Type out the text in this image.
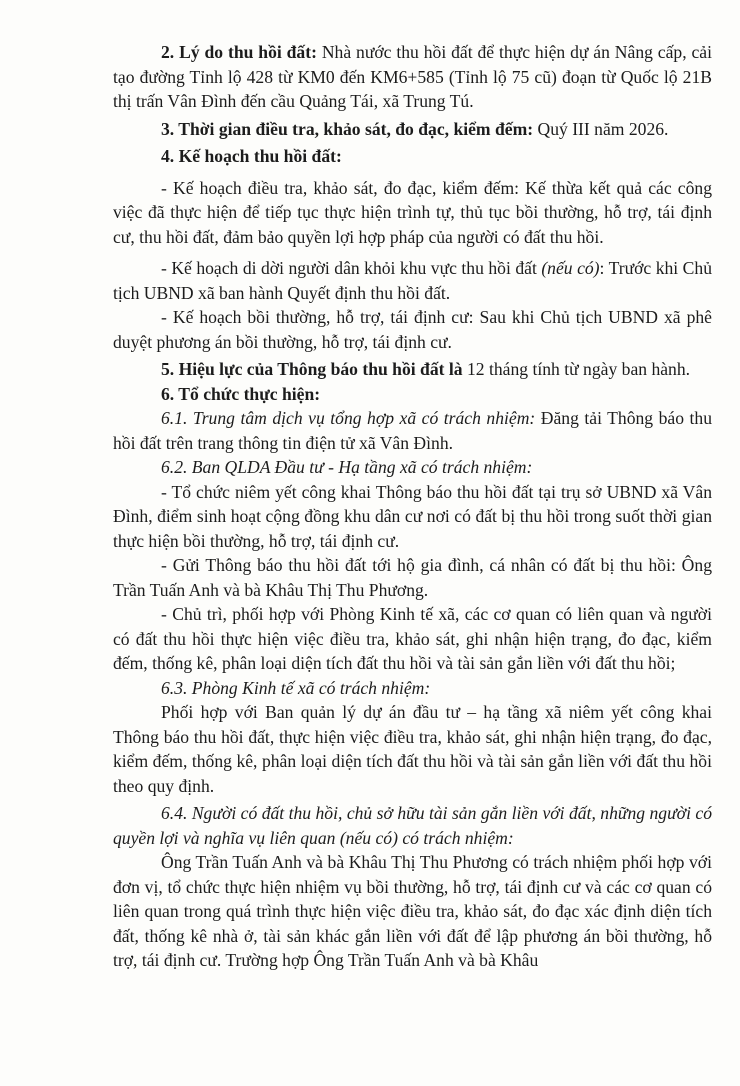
2. Lý do thu hồi đất: Nhà nước thu hồi đất để thực hiện dự án Nâng cấp, cải tạo đường Tỉnh lộ 428 từ KM0 đến KM6+585 (Tỉnh lộ 75 cũ) đoạn từ Quốc lộ 21B thị trấn Vân Đình đến cầu Quảng Tái, xã Trung Tú.

3. Thời gian điều tra, khảo sát, đo đạc, kiểm đếm: Quý III năm 2026.

4. Kế hoạch thu hồi đất:

- Kế hoạch điều tra, khảo sát, đo đạc, kiểm đếm: Kế thừa kết quả các công việc đã thực hiện để tiếp tục thực hiện trình tự, thủ tục bồi thường, hỗ trợ, tái định cư, thu hồi đất, đảm bảo quyền lợi hợp pháp của người có đất thu hồi.

- Kế hoạch di dời người dân khỏi khu vực thu hồi đất (nếu có): Trước khi Chủ tịch UBND xã ban hành Quyết định thu hồi đất.

- Kế hoạch bồi thường, hỗ trợ, tái định cư: Sau khi Chủ tịch UBND xã phê duyệt phương án bồi thường, hỗ trợ, tái định cư.

5. Hiệu lực của Thông báo thu hồi đất là 12 tháng tính từ ngày ban hành.

6. Tổ chức thực hiện:

6.1. Trung tâm dịch vụ tổng hợp xã có trách nhiệm: Đăng tải Thông báo thu hồi đất trên trang thông tin điện tử xã Vân Đình.

6.2. Ban QLDA Đầu tư - Hạ tầng xã có trách nhiệm:

- Tổ chức niêm yết công khai Thông báo thu hồi đất tại trụ sở UBND xã Vân Đình, điểm sinh hoạt cộng đồng khu dân cư nơi có đất bị thu hồi trong suốt thời gian thực hiện bồi thường, hỗ trợ, tái định cư.

- Gửi Thông báo thu hồi đất tới hộ gia đình, cá nhân có đất bị thu hồi: Ông Trần Tuấn Anh và bà Khâu Thị Thu Phương.

- Chủ trì, phối hợp với Phòng Kinh tế xã, các cơ quan có liên quan và người có đất thu hồi thực hiện việc điều tra, khảo sát, ghi nhận hiện trạng, đo đạc, kiểm đếm, thống kê, phân loại diện tích đất thu hồi và tài sản gắn liền với đất thu hồi;

6.3. Phòng Kinh tế xã có trách nhiệm:

Phối hợp với Ban quản lý dự án đầu tư – hạ tầng xã niêm yết công khai Thông báo thu hồi đất, thực hiện việc điều tra, khảo sát, ghi nhận hiện trạng, đo đạc, kiểm đếm, thống kê, phân loại diện tích đất thu hồi và tài sản gắn liền với đất thu hồi theo quy định.

6.4. Người có đất thu hồi, chủ sở hữu tài sản gắn liền với đất, những người có quyền lợi và nghĩa vụ liên quan (nếu có) có trách nhiệm:

Ông Trần Tuấn Anh và bà Khâu Thị Thu Phương có trách nhiệm phối hợp với đơn vị, tổ chức thực hiện nhiệm vụ bồi thường, hỗ trợ, tái định cư và các cơ quan có liên quan trong quá trình thực hiện việc điều tra, khảo sát, đo đạc xác định diện tích đất, thống kê nhà ở, tài sản khác gắn liền với đất để lập phương án bồi thường, hỗ trợ, tái định cư. Trường hợp Ông Trần Tuấn Anh và bà Khâu
